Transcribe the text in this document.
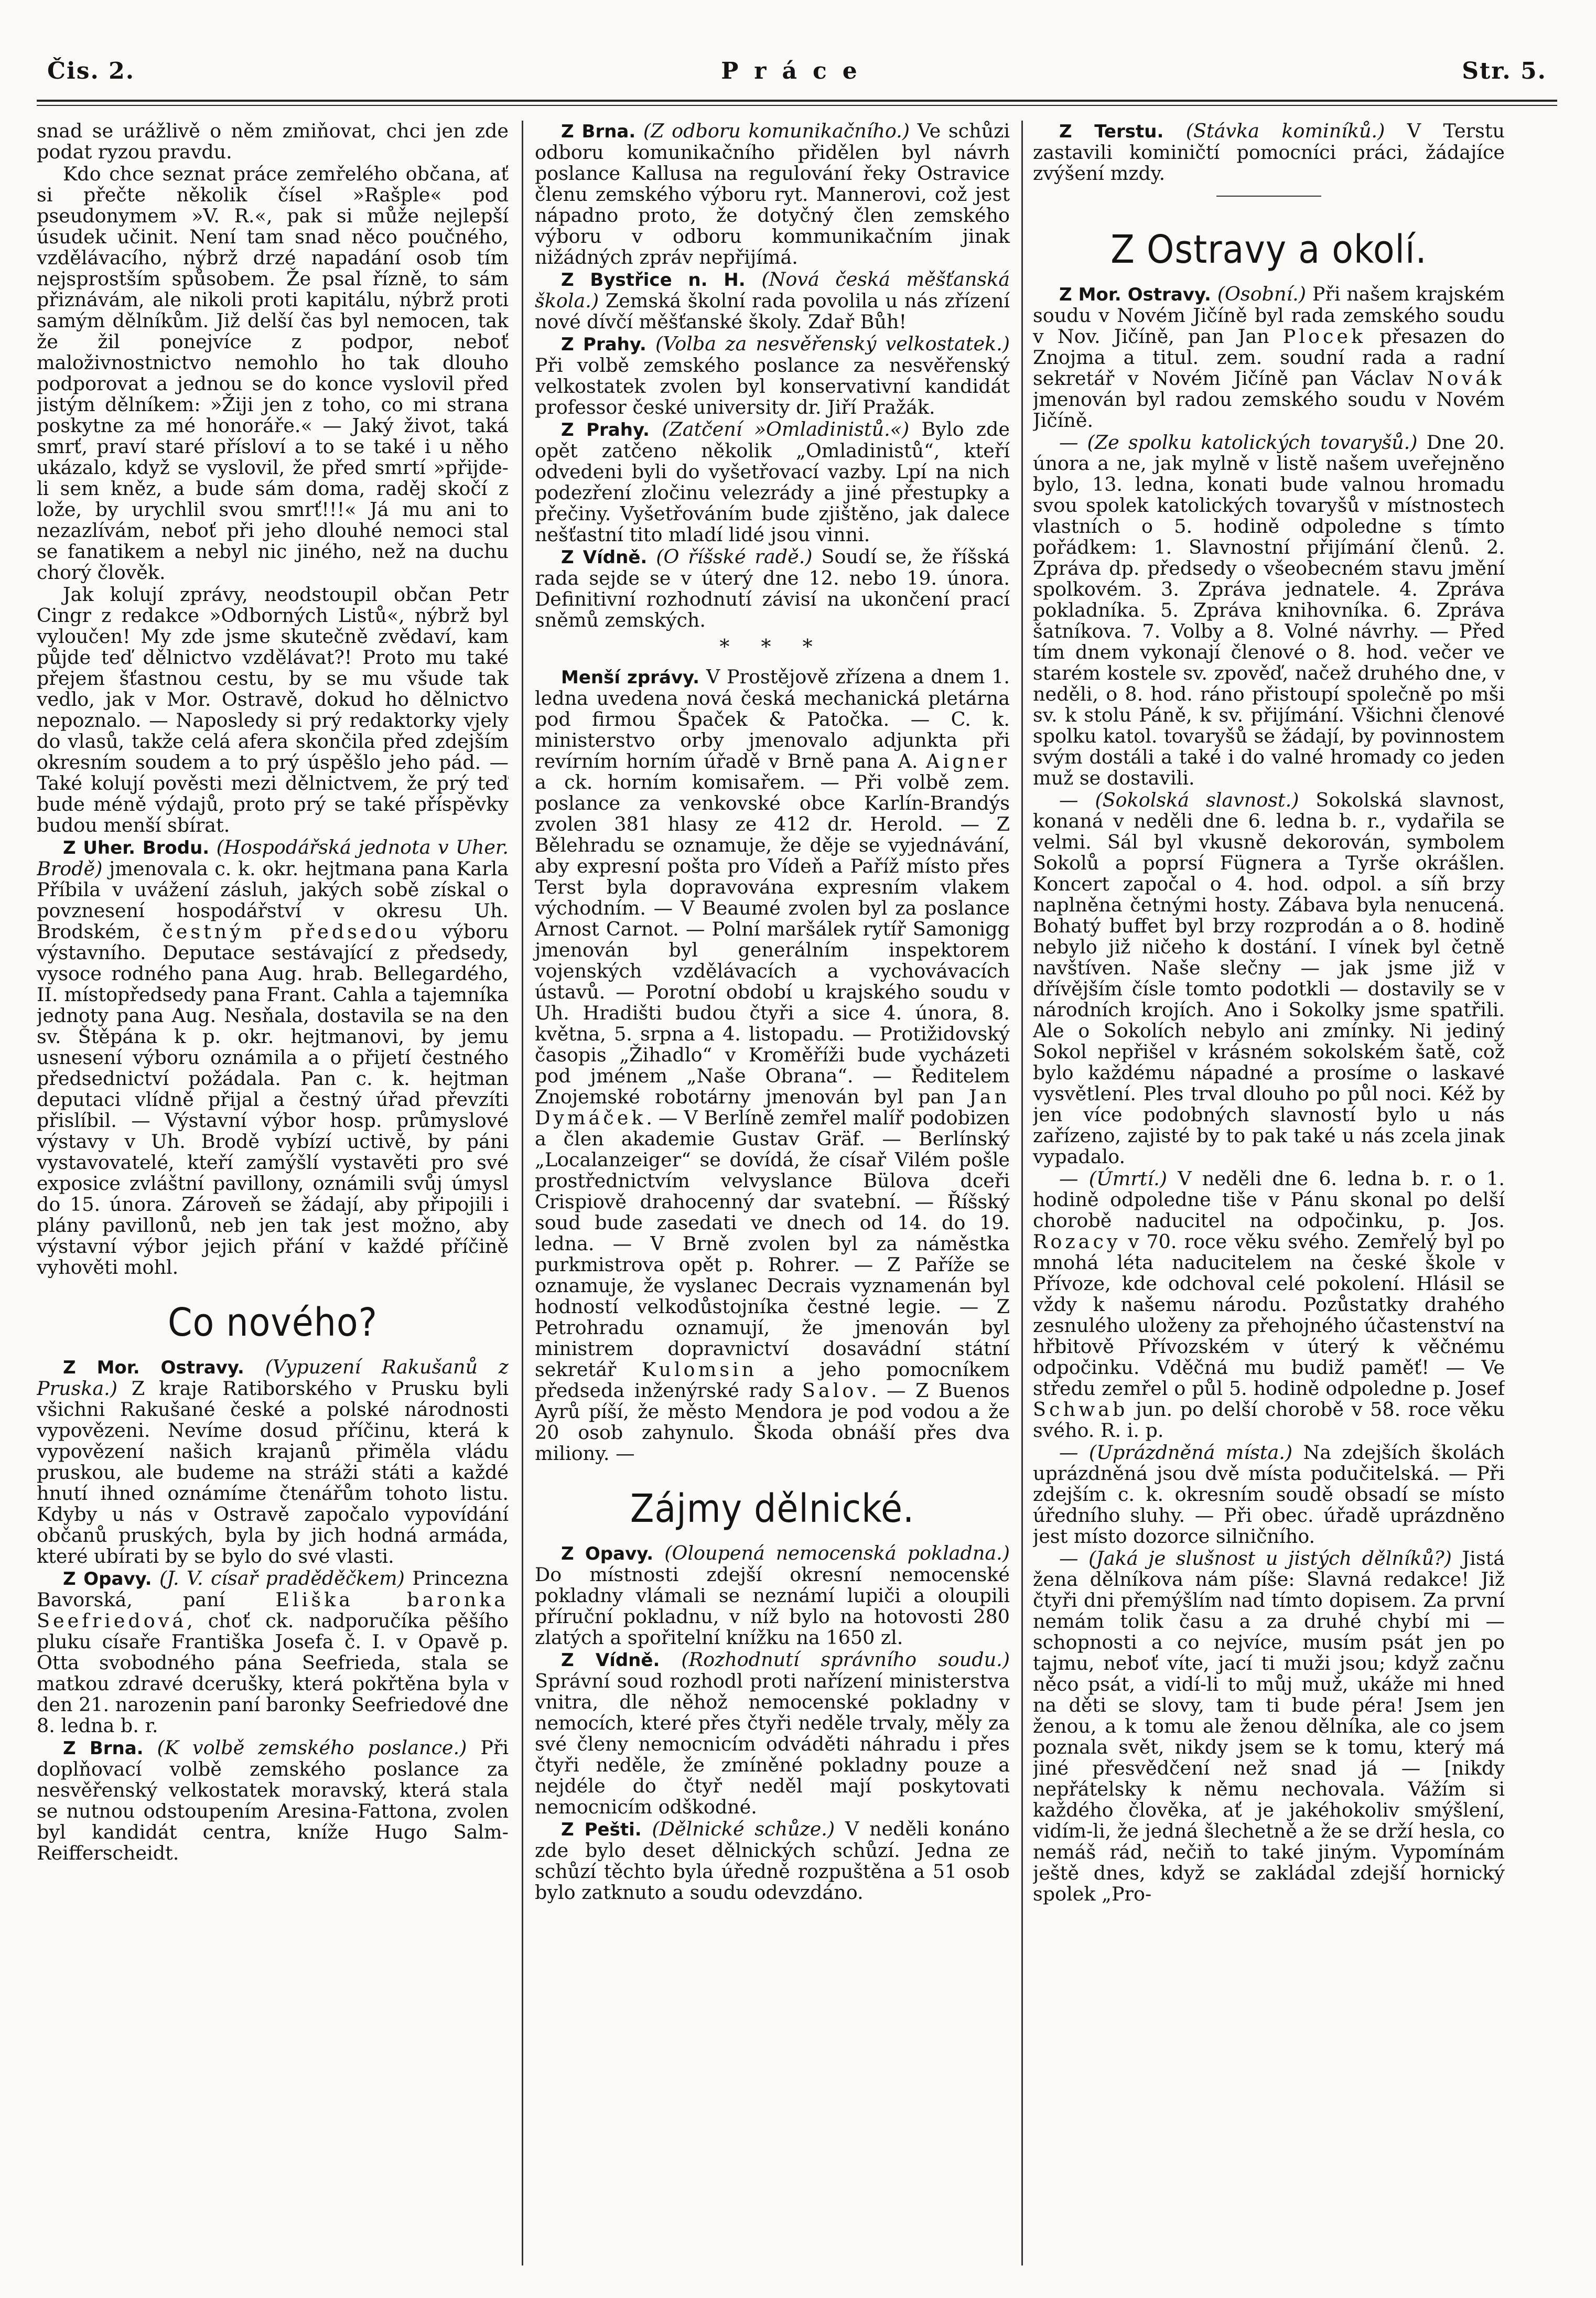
Čis. 2.	Práce	Str. 5.

snad se urážlivě o něm zmiňovat, chci jen zde podat ryzou pravdu.

Kdo chce seznat práce zemřelého občana, ať si přečte několik čísel »Rašple« pod pseudonymem »V. R.«, pak si může nejlepší úsudek učinit. Není tam snad něco poučného, vzdělávacího, nýbrž drzé napadání osob tím nejsprostším spůsobem. Že psal řízně, to sám přiznávám, ale nikoli proti kapitálu, nýbrž proti samým dělníkům. Již delší čas byl nemocen, tak že žil ponejvíce z podpor, neboť maloživnostnictvo nemohlo ho tak dlouho podporovat a jednou se do konce vyslovil před jistým dělníkem: »Žiji jen z toho, co mi strana poskytne za mé honoráře.« — Jaký život, taká smrť, praví staré přísloví a to se také i u něho ukázalo, když se vyslovil, že před smrtí »přijde-li sem kněz, a bude sám doma, raděj skočí z lože, by urychlil svou smrť!!!« Já mu ani to nezazlívám, neboť při jeho dlouhé nemoci stal se fanatikem a nebyl nic jiného, než na duchu chorý člověk.

Jak kolují zprávy, neodstoupil občan Petr Cingr z redakce »Odborných Listů«, nýbrž byl vyloučen! My zde jsme skutečně zvědaví, kam půjde teď dělnictvo vzdělávat?! Proto mu také přejem šťastnou cestu, by se mu všude tak vedlo, jak v Mor. Ostravě, dokud ho dělnictvo nepoznalo. — Naposledy si prý redaktorky vjely do vlasů, takže celá afera skončila před zdejším okresním soudem a to prý úspěšlo jeho pád. — Také kolují pověsti mezi dělnictvem, že prý teď bude méně výdajů, proto prý se také příspěvky budou menší sbírat.

Z Uher. Brodu. (Hospodářská jednota v Uher. Brodě) jmenovala c. k. okr. hejtmana pana Karla Příbila v uvážení zásluh, jakých sobě získal o povznesení hospodářství v okresu Uh. Brodském, čestným předsedou výboru výstavního. Deputace sestávající z předsedy, vysoce rodného pana Aug. hrab. Bellegardého, II. místopředsedy pana Frant. Cahla a tajemníka jednoty pana Aug. Nesňala, dostavila se na den sv. Štěpána k p. okr. hejtmanovi, by jemu usnesení výboru oznámila a o přijetí čestného předsednictví požádala. Pan c. k. hejtman deputaci vlídně přijal a čestný úřad převzíti přislíbil. — Výstavní výbor hosp. průmyslové výstavy v Uh. Brodě vybízí uctivě, by páni vystavovatelé, kteří zamýšlí vystavěti pro své exposice zvláštní pavillony, oznámili svůj úmysl do 15. února. Zároveň se žádají, aby připojili i plány pavillonů, neb jen tak jest možno, aby výstavní výbor jejich přání v každé příčině vyhověti mohl.

Co nového?

Z Mor. Ostravy. (Vypuzení Rakušanů z Pruska.) Z kraje Ratiborského v Prusku byli všichni Rakušané české a polské národnosti vypovězeni. Nevíme dosud příčinu, která k vypovězení našich krajanů přiměla vládu pruskou, ale budeme na stráži státi a každé hnutí ihned oznámíme čtenářům tohoto listu. Kdyby u nás v Ostravě započalo vypovídání občanů pruských, byla by jich hodná armáda, které ubírati by se bylo do své vlasti.

Z Opavy. (J. V. císař praděděčkem) Princezna Bavorská, paní Eliška baronka Seefriedová, choť ck. nadporučíka pěšího pluku císaře Františka Josefa č. I. v Opavě p. Otta svobodného pána Seefrieda, stala se matkou zdravé dcerušky, která pokřtěna byla v den 21. narozenin paní baronky Seefriedové dne 8. ledna b. r.

Z Brna. (K volbě zemského poslance.) Při doplňovací volbě zemského poslance za nesvěřenský velkostatek moravský, která stala se nutnou odstoupením Aresina-Fattona, zvolen byl kandidát centra, kníže Hugo Salm-Reifferscheidt.

Z Brna. (Z odboru komunikačního.) Ve schůzi odboru komunikačního přidělen byl návrh poslance Kallusa na regulování řeky Ostravice členu zemského výboru ryt. Mannerovi, což jest nápadno proto, že dotyčný člen zemského výboru v odboru kommunikačním jinak nižádných zpráv nepřijímá.

Z Bystřice n. H. (Nová česká měšťanská škola.) Zemská školní rada povolila u nás zřízení nové dívčí měšťanské školy. Zdař Bůh!

Z Prahy. (Volba za nesvěřenský velkostatek.) Při volbě zemského poslance za nesvěřenský velkostatek zvolen byl konservativní kandidát professor české university dr. Jiří Pražák.

Z Prahy. (Zatčení »Omladinistů.«) Bylo zde opět zatčeno několik „Omladinistů“, kteří odvedeni byli do vyšetřovací vazby. Lpí na nich podezření zločinu velezrády a jiné přestupky a přečiny. Vyšetřováním bude zjištěno, jak dalece nešťastní tito mladí lidé jsou vinni.

Z Vídně. (O říšské radě.) Soudí se, že říšská rada sejde se v úterý dne 12. nebo 19. února. Definitivní rozhodnutí závisí na ukončení prací sněmů zemských.

* * *

Menší zprávy. V Prostějově zřízena a dnem 1. ledna uvedena nová česká mechanická pletárna pod firmou Špaček & Patočka. — C. k. ministerstvo orby jmenovalo adjunkta při revírním horním úřadě v Brně pana A. Aigner a ck. horním komisařem. — Při volbě zem. poslance za venkovské obce Karlín-Brandýs zvolen 381 hlasy ze 412 dr. Herold. — Z Bělehradu se oznamuje, že děje se vyjednávání, aby expresní pošta pro Vídeň a Paříž místo přes Terst byla dopravována expresním vlakem východním. — V Beaumé zvolen byl za poslance Arnost Carnot. — Polní maršálek rytíř Samonigg jmenován byl generálním inspektorem vojenských vzdělávacích a vychovávacích ústavů. — Porotní období u krajského soudu v Uh. Hradišti budou čtyři a sice 4. února, 8. května, 5. srpna a 4. listopadu. — Protižidovský časopis „Žihadlo“ v Kroměříži bude vycházeti pod jménem „Naše Obrana“. — Ředitelem Znojemské robotárny jmenován byl pan Jan Dymáček. — V Berlíně zemřel malíř podobizen a člen akademie Gustav Gräf. — Berlínský „Localanzeiger“ se dovídá, že císař Vilém pošle prostřednictvím velvyslance Bülova dceři Crispiově drahocenný dar svatební. — Říšský soud bude zasedati ve dnech od 14. do 19. ledna. — V Brně zvolen byl za náměstka purkmistrova opět p. Rohrer. — Z Paříže se oznamuje, že vyslanec Decrais vyznamenán byl hodností velkodůstojníka čestné legie. — Z Petrohradu oznamují, že jmenován byl ministrem dopravnictví dosavádní státní sekretář Kulomsin a jeho pomocníkem předseda inženýrské rady Salov. — Z Buenos Ayrů píší, že město Mendora je pod vodou a že 20 osob zahynulo. Škoda obnáší přes dva miliony. —

Zájmy dělnické.

Z Opavy. (Oloupená nemocenská pokladna.) Do místnosti zdejší okresní nemocenské pokladny vlámali se neznámí lupiči a oloupili příruční pokladnu, v níž bylo na hotovosti 280 zlatých a spořitelní knížku na 1650 zl.

Z Vídně. (Rozhodnutí správního soudu.) Správní soud rozhodl proti nařízení ministerstva vnitra, dle něhož nemocenské pokladny v nemocích, které přes čtyři neděle trvaly, měly za své členy nemocnicím odváděti náhradu i přes čtyři neděle, že zmíněné pokladny pouze a nejdéle do čtyř neděl mají poskytovati nemocnicím odškodné.

Z Pešti. (Dělnické schůze.) V neděli konáno zde bylo deset dělnických schůzí. Jedna ze schůzí těchto byla úředně rozpuštěna a 51 osob bylo zatknuto a soudu odevzdáno.

Z Terstu. (Stávka kominíků.) V Terstu zastavili kominičtí pomocníci práci, žádajíce zvýšení mzdy.

Z Ostravy a okolí.

Z Mor. Ostravy. (Osobní.) Při našem krajském soudu v Novém Jičíně byl rada zemského soudu v Nov. Jičíně, pan Jan Plocek přesazen do Znojma a titul. zem. soudní rada a radní sekretář v Novém Jičíně pan Václav Novák jmenován byl radou zemského soudu v Novém Jičíně.

— (Ze spolku katolických tovaryšů.) Dne 20. února a ne, jak mylně v listě našem uveřejněno bylo, 13. ledna, konati bude valnou hromadu svou spolek katolických tovaryšů v místnostech vlastních o 5. hodině odpoledne s tímto pořádkem: 1. Slavnostní přijímání členů. 2. Zpráva dp. předsedy o všeobecném stavu jmění spolkovém. 3. Zpráva jednatele. 4. Zpráva pokladníka. 5. Zpráva knihovníka. 6. Zpráva šatníkova. 7. Volby a 8. Volné návrhy. — Před tím dnem vykonají členové o 8. hod. večer ve starém kostele sv. zpověď, načež druhého dne, v neděli, o 8. hod. ráno přistoupí společně po mši sv. k stolu Páně, k sv. přijímání. Všichni členové spolku katol. tovaryšů se žádají, by povinnostem svým dostáli a také i do valné hromady co jeden muž se dostavili.

— (Sokolská slavnost.) Sokolská slavnost, konaná v neděli dne 6. ledna b. r., vydařila se velmi. Sál byl vkusně dekorován, symbolem Sokolů a poprsí Fügnera a Tyrše okrášlen. Koncert započal o 4. hod. odpol. a síň brzy naplněna četnými hosty. Zábava byla nenucená. Bohatý buffet byl brzy rozprodán a o 8. hodině nebylo již ničeho k dostání. I vínek byl četně navštíven. Naše slečny — jak jsme již v dřívějším čísle tomto podotkli — dostavily se v národních krojích. Ano i Sokolky jsme spatřili. Ale o Sokolích nebylo ani zmínky. Ni jediný Sokol nepřišel v krásném sokolském šatě, což bylo každému nápadné a prosíme o laskavé vysvětlení. Ples trval dlouho po půl noci. Kéž by jen více podobných slavností bylo u nás zařízeno, zajisté by to pak také u nás zcela jinak vypadalo.

— (Úmrtí.) V neděli dne 6. ledna b. r. o 1. hodině odpoledne tiše v Pánu skonal po delší chorobě naducitel na odpočinku, p. Jos. Rozacy v 70. roce věku svého. Zemřelý byl po mnohá léta naducitelem na české škole v Přívoze, kde odchoval celé pokolení. Hlásil se vždy k našemu národu. Pozůstatky drahého zesnulého uloženy za přehojného účastenství na hřbitově Přívozském v úterý k věčnému odpočinku. Vděčná mu budiž paměť! — Ve středu zemřel o půl 5. hodině odpoledne p. Josef Schwab jun. po delší chorobě v 58. roce věku svého. R. i. p.

— (Uprázdněná místa.) Na zdejších školách uprázdněná jsou dvě místa podučitelská. — Při zdejším c. k. okresním soudě obsadí se místo úředního sluhy. — Při obec. úřadě uprázdněno jest místo dozorce silničního.

— (Jaká je slušnost u jistých dělníků?) Jistá žena dělníkova nám píše: Slavná redakce! Již čtyři dni přemýšlím nad tímto dopisem. Za první nemám tolik času a za druhé chybí mi — schopnosti a co nejvíce, musím psát jen po tajmu, neboť víte, jací ti muži jsou; když začnu něco psát, a vidí-li to můj muž, ukáže mi hned na děti se slovy, tam ti bude péra! Jsem jen ženou, a k tomu ale ženou dělníka, ale co jsem poznala svět, nikdy jsem se k tomu, který má jiné přesvědčení než snad já — [nikdy nepřátelsky k němu nechovala. Vážím si každého člověka, ať je jakéhokoliv smýšlení, vidím-li, že jedná šlechetně a že se drží hesla, co nemáš rád, nečiň to také jiným. Vypomínám ještě dnes, když se zakládal zdejší hornický spolek „Pro-
